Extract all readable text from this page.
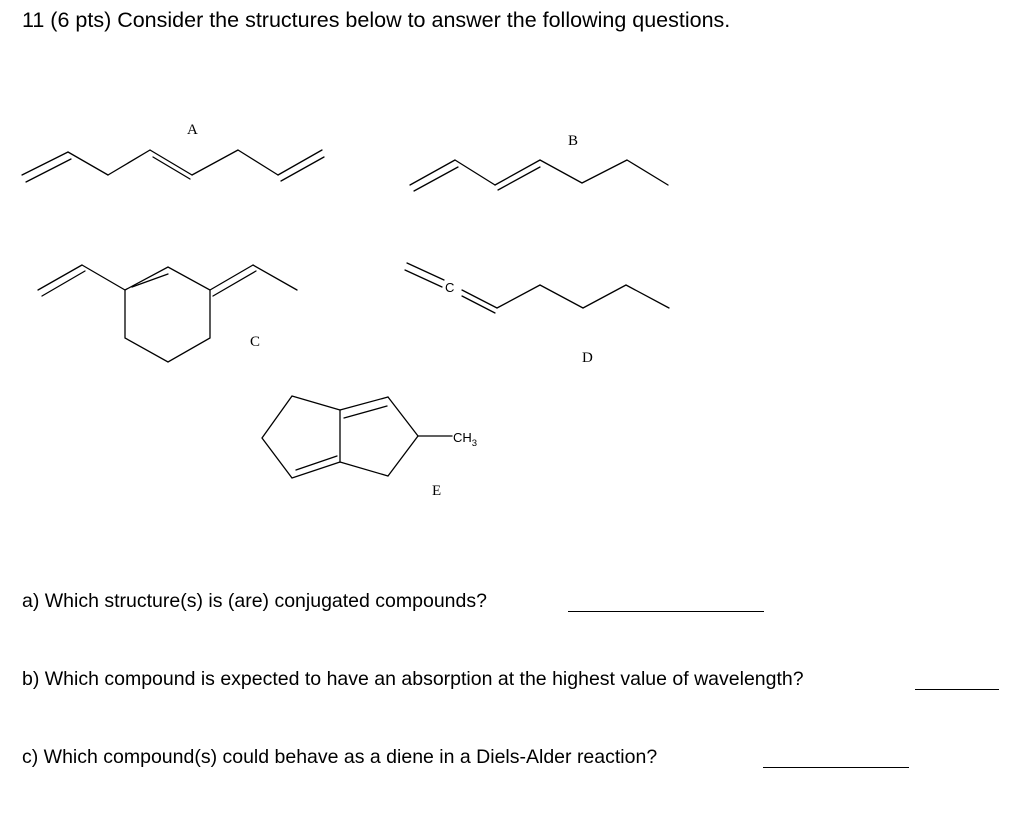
11 (6 pts) Consider the structures below to answer the following questions.
A
B
C
C
D
$CH_3$
E
a) Which structure(s) is (are) conjugated compounds?
b) Which compound is expected to have an absorption at the highest value of wavelength?
c) Which compound(s) could behave as a diene in a Diels-Alder reaction?
